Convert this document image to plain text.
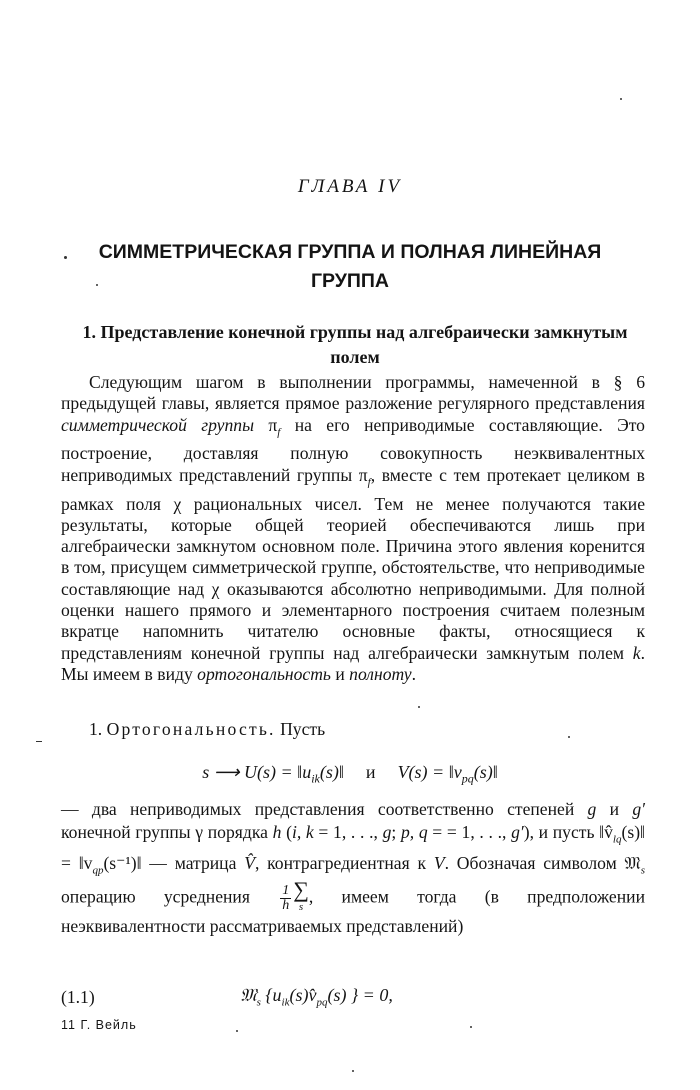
ГЛАВА IV
СИММЕТРИЧЕСКАЯ ГРУППА И ПОЛНАЯ ЛИНЕЙНАЯ ГРУППА
1. Представление конечной группы над алгебраически замкнутым полем
Следующим шагом в выполнении программы, намеченной в § 6 предыдущей главы, является прямое разложение регулярного представления симметрической группы $\pi_f$ на его неприводимые составляющие. Это построение, доставляя полную совокупность неэквивалентных неприводимых представлений группы $\pi_f$, вместе с тем протекает целиком в рамках поля χ рациональных чисел. Тем не менее получаются такие результаты, которые общей теорией обеспечиваются лишь при алгебраически замкнутом основном поле. Причина этого явления коренится в том, присущем симметрической группе, обстоятельстве, что неприводимые составляющие над χ оказываются абсолютно неприводимыми. Для полной оценки нашего прямого и элементарного построения считаем полезным вкратце напомнить читателю основные факты, относящиеся к представлениям конечной группы над алгебраически замкнутым полем k. Мы имеем в виду ортогональность и полноту.
1. Ортогональность. Пусть
s ⟶ $U(s) = ‖u_{ik}(s)‖$ и $V(s) = ‖v_{pq}(s)‖$
— два неприводимых представления соответственно степеней g и g′ конечной группы γ порядка h (i, k = 1, . . ., g; p, q = = 1, . . ., g′), и пусть $‖v̂_{lq}(s)‖$ = $‖v_{qp}(s^{-1})‖$ — матрица V̂, контрагредиентная к V. Обозначая символом 𝔐$_s$ операцию усреднения $\frac{1}{h}$ ∑
s
, имеем тогда (в предположении неэквивалентности рассматриваемых представлений)
(1.1)	𝔐$_s$ {$u_{ik}(s)v̂_{pq}(s)$ } = 0,
11 Г. Вейль
